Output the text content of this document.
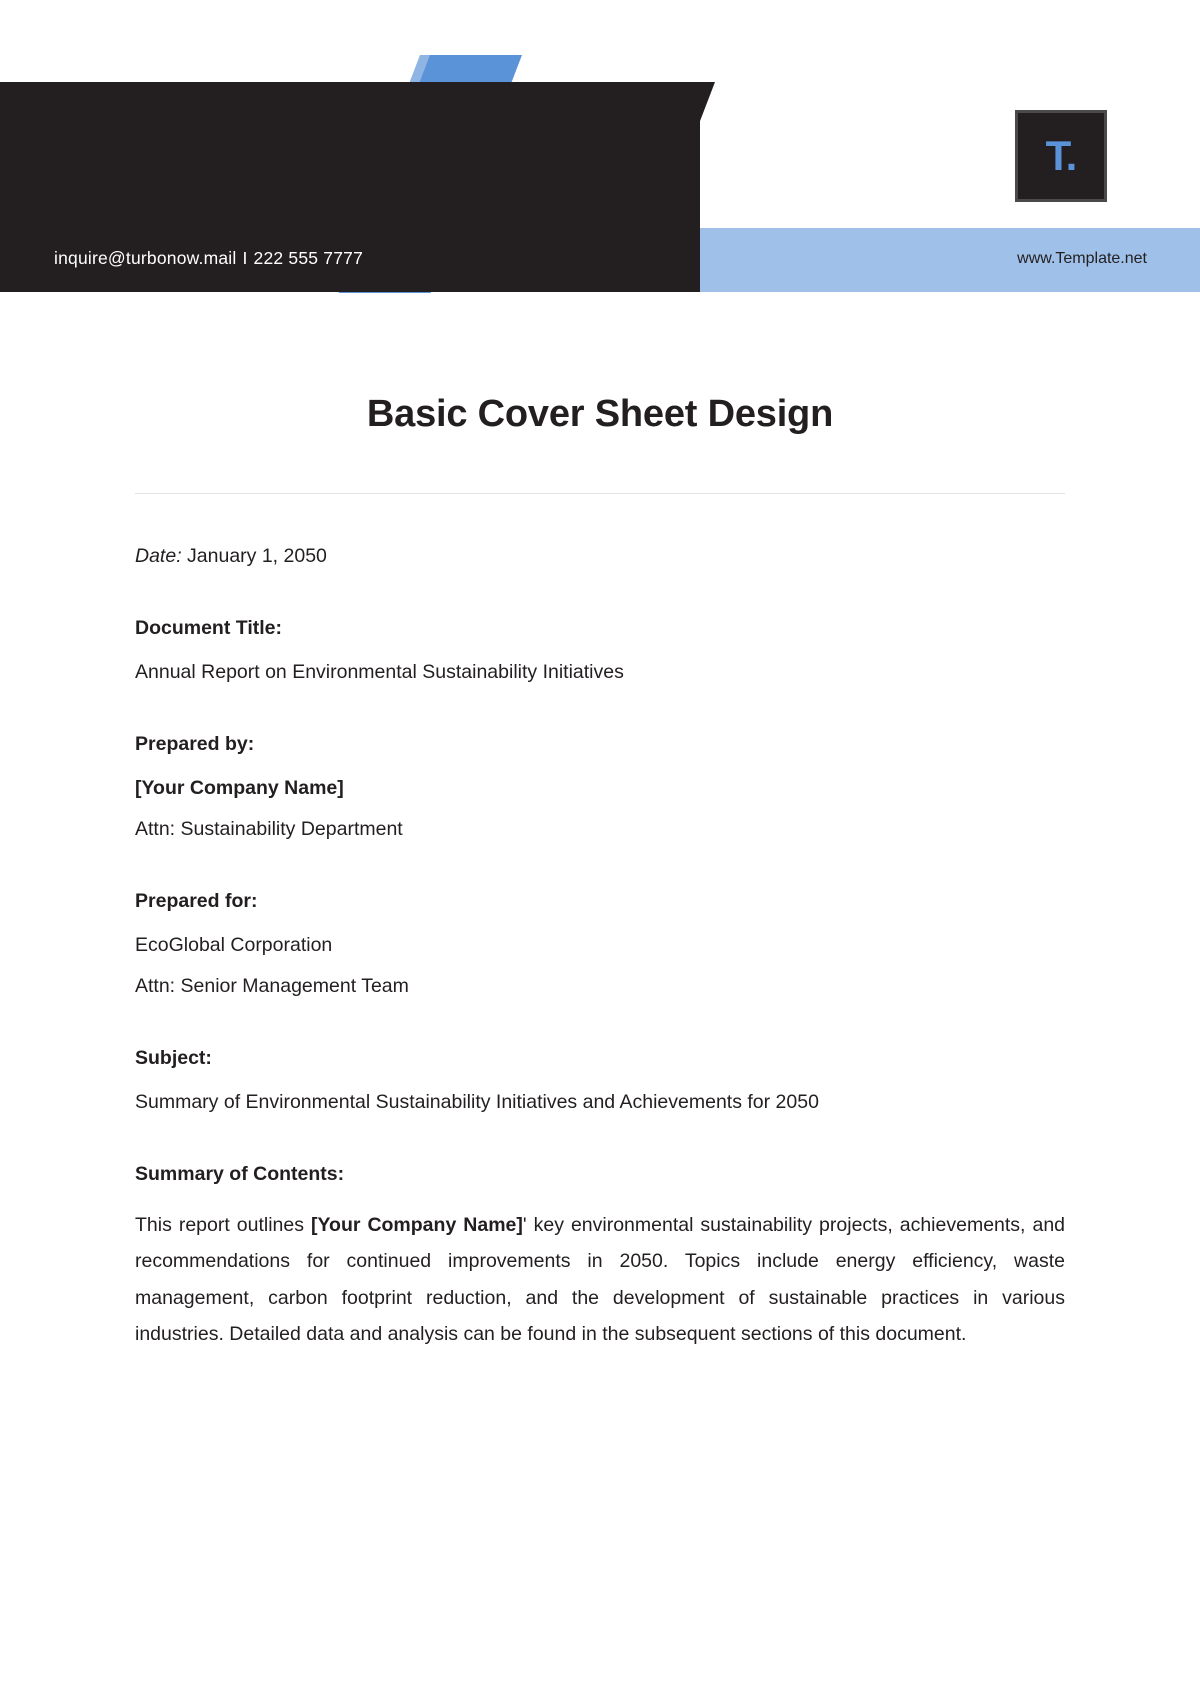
inquire@turbonow.mail I 222 555 7777	www.Template.net
T.
Basic Cover Sheet Design
Date: January 1, 2050
Document Title:
Annual Report on Environmental Sustainability Initiatives
Prepared by:
[Your Company Name]
Attn: Sustainability Department
Prepared for:
EcoGlobal Corporation
Attn: Senior Management Team
Subject:
Summary of Environmental Sustainability Initiatives and Achievements for 2050
Summary of Contents:
This report outlines [Your Company Name]' key environmental sustainability projects, achievements, and recommendations for continued improvements in 2050. Topics include energy efficiency, waste management, carbon footprint reduction, and the development of sustainable practices in various industries. Detailed data and analysis can be found in the subsequent sections of this document.
